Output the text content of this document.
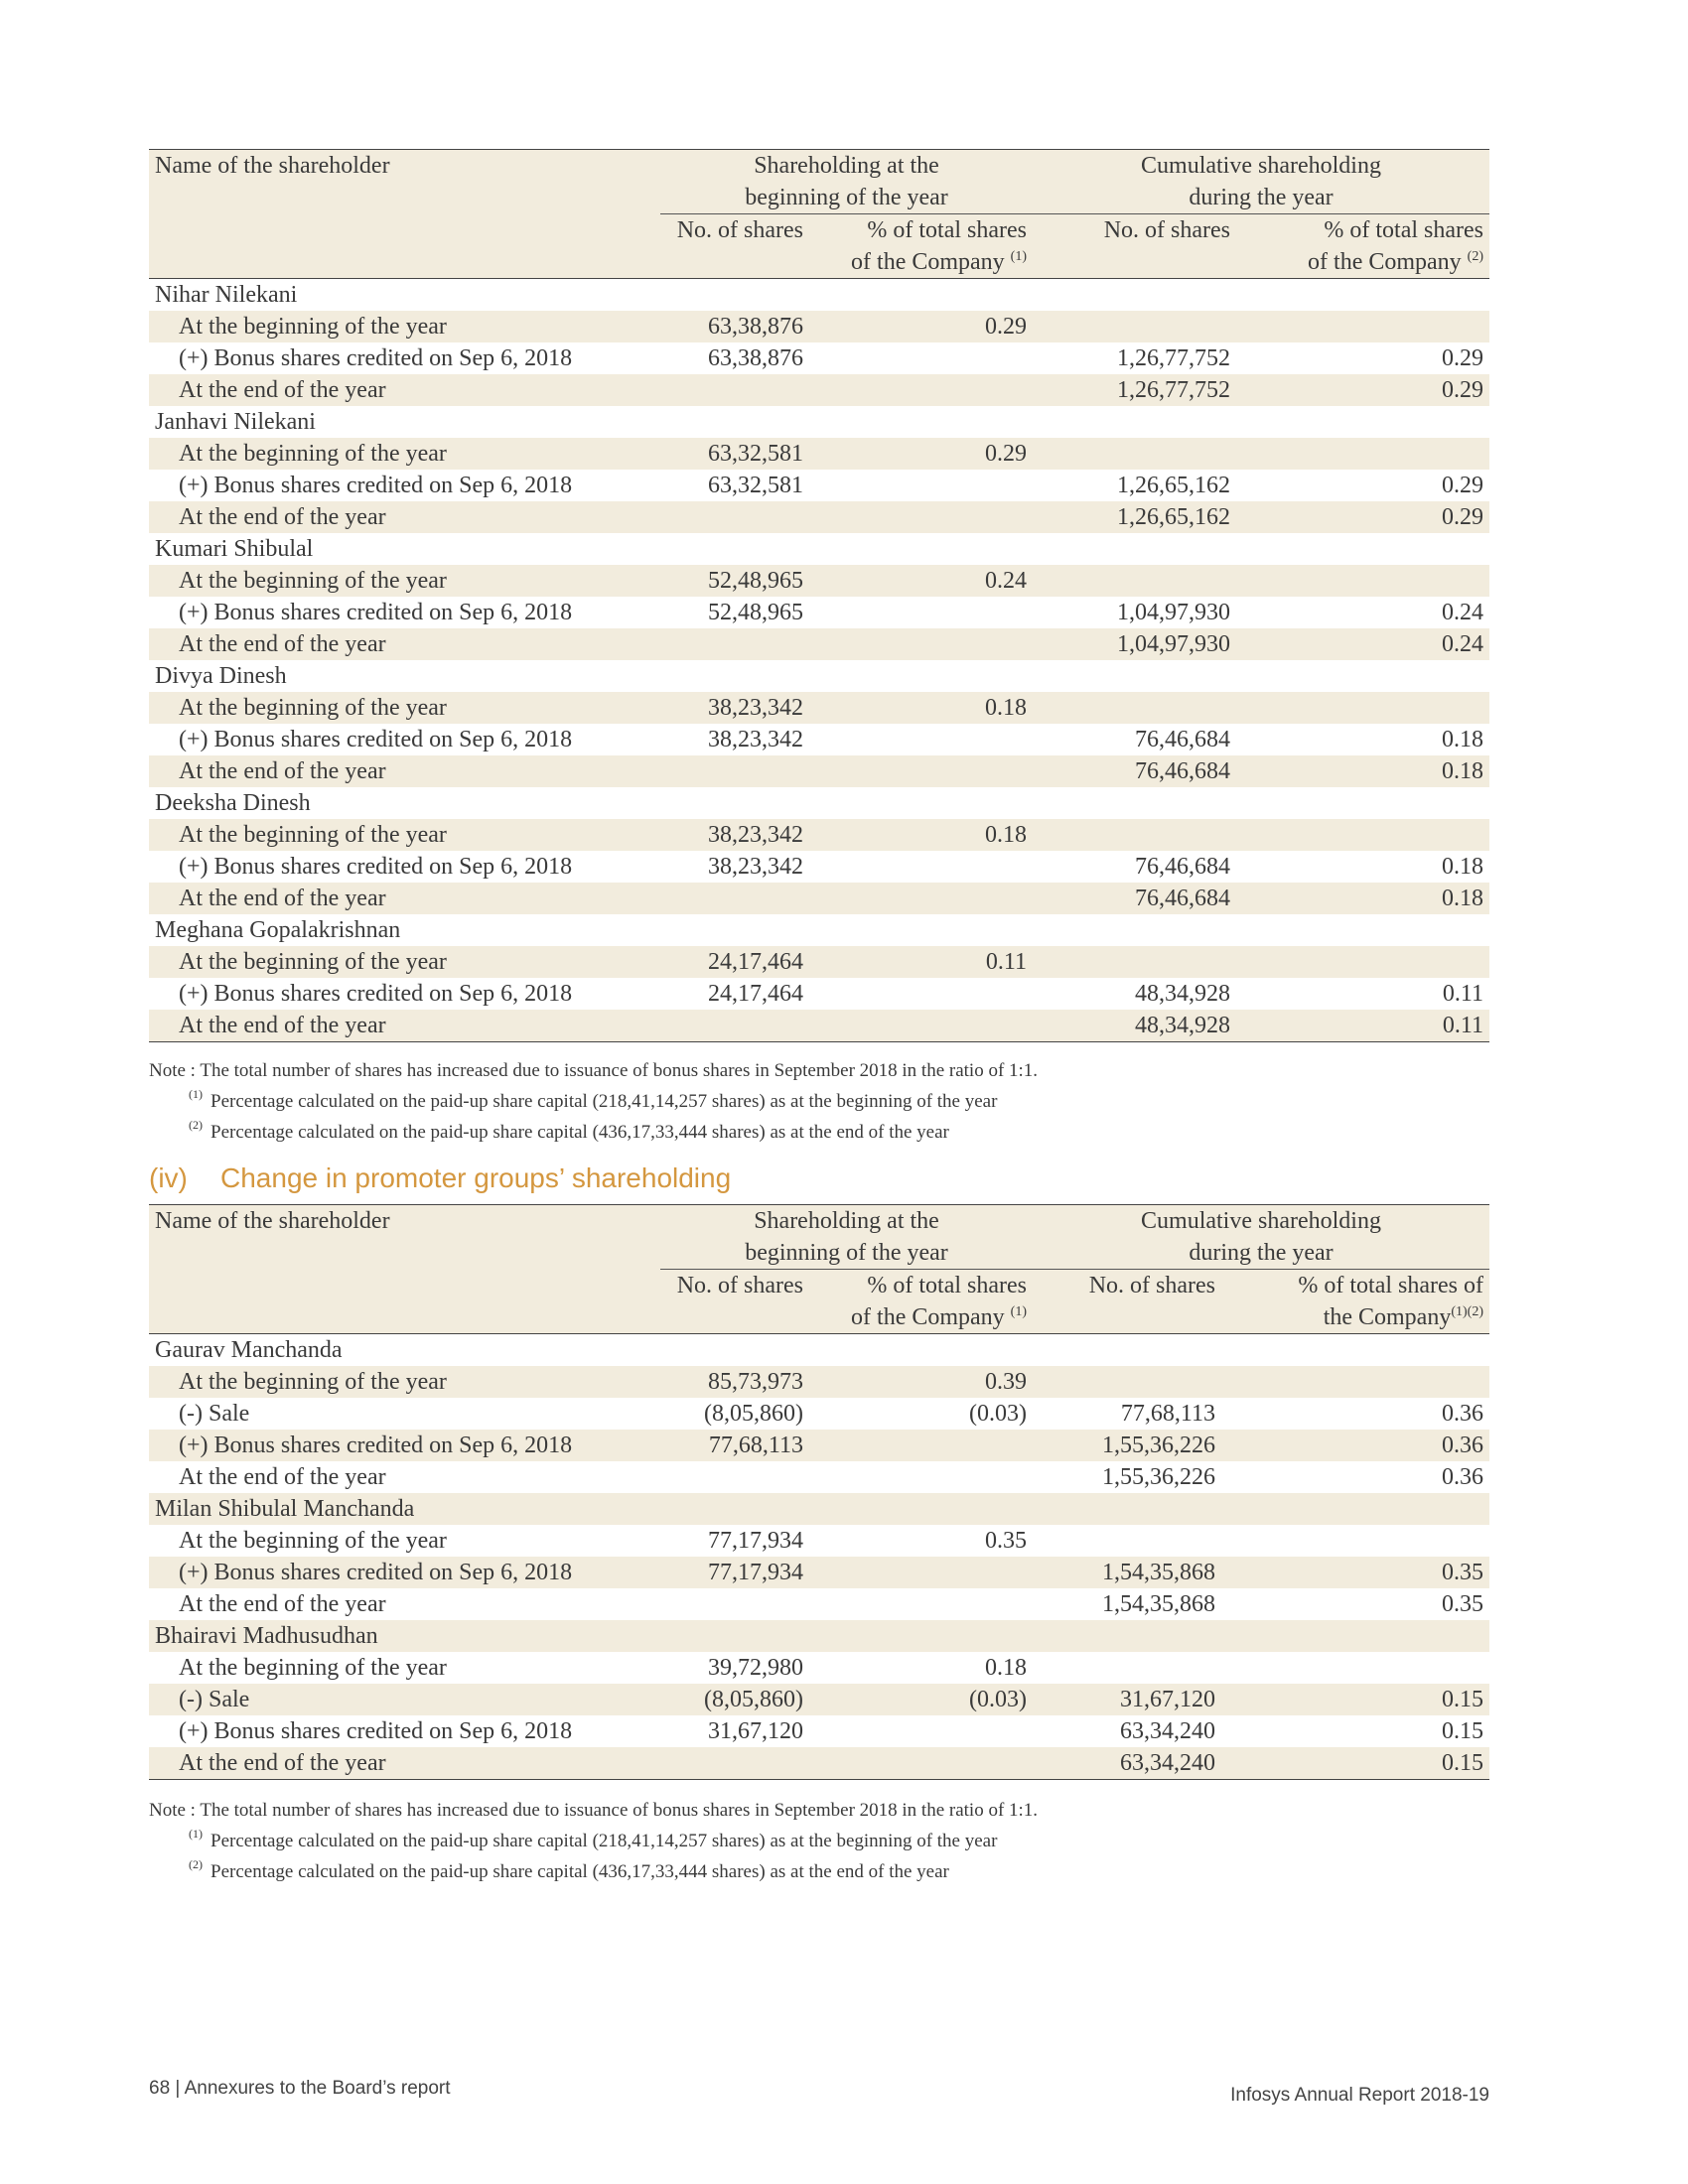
Name of the shareholder	Shareholding at the
beginning of the year		Cumulative shareholding
during the year	
	No. of shares	% of total shares
of the Company $^{(1)}$	No. of shares	% of total shares
of the Company $^{(2)}$
Nihar Nilekani				
At the beginning of the year	63,38,876	0.29		
(+) Bonus shares credited on Sep 6, 2018	63,38,876		1,26,77,752	0.29
At the end of the year			1,26,77,752	0.29
Janhavi Nilekani				
At the beginning of the year	63,32,581	0.29		
(+) Bonus shares credited on Sep 6, 2018	63,32,581		1,26,65,162	0.29
At the end of the year			1,26,65,162	0.29
Kumari Shibulal				
At the beginning of the year	52,48,965	0.24		
(+) Bonus shares credited on Sep 6, 2018	52,48,965		1,04,97,930	0.24
At the end of the year			1,04,97,930	0.24
Divya Dinesh				
At the beginning of the year	38,23,342	0.18		
(+) Bonus shares credited on Sep 6, 2018	38,23,342		76,46,684	0.18
At the end of the year			76,46,684	0.18
Deeksha Dinesh				
At the beginning of the year	38,23,342	0.18		
(+) Bonus shares credited on Sep 6, 2018	38,23,342		76,46,684	0.18
At the end of the year			76,46,684	0.18
Meghana Gopalakrishnan				
At the beginning of the year	24,17,464	0.11		
(+) Bonus shares credited on Sep 6, 2018	24,17,464		48,34,928	0.11
At the end of the year			48,34,928	0.11
Note : The total number of shares has increased due to issuance of bonus shares in September 2018 in the ratio of 1:1.
$^{(1)}$ Percentage calculated on the paid-up share capital (218,41,14,257 shares) as at the beginning of the year
$^{(2)}$ Percentage calculated on the paid-up share capital (436,17,33,444 shares) as at the end of the year
(iv) Change in promoter groups’ shareholding
Name of the shareholder	Shareholding at the
beginning of the year		Cumulative shareholding
during the year	
	No. of shares	% of total shares
of the Company $^{(1)}$	No. of shares	% of total shares of
the Company$^{(1)(2)}$
Gaurav Manchanda				
At the beginning of the year	85,73,973	0.39		
(-) Sale	(8,05,860)	(0.03)	77,68,113	0.36
(+) Bonus shares credited on Sep 6, 2018	77,68,113		1,55,36,226	0.36
At the end of the year			1,55,36,226	0.36
Milan Shibulal Manchanda				
At the beginning of the year	77,17,934	0.35		
(+) Bonus shares credited on Sep 6, 2018	77,17,934		1,54,35,868	0.35
At the end of the year			1,54,35,868	0.35
Bhairavi Madhusudhan				
At the beginning of the year	39,72,980	0.18		
(-) Sale	(8,05,860)	(0.03)	31,67,120	0.15
(+) Bonus shares credited on Sep 6, 2018	31,67,120		63,34,240	0.15
At the end of the year			63,34,240	0.15
Note : The total number of shares has increased due to issuance of bonus shares in September 2018 in the ratio of 1:1.
$^{(1)}$ Percentage calculated on the paid-up share capital (218,41,14,257 shares) as at the beginning of the year
$^{(2)}$ Percentage calculated on the paid-up share capital (436,17,33,444 shares) as at the end of the year
68 | Annexures to the Board’s report	Infosys Annual Report 2018-19
